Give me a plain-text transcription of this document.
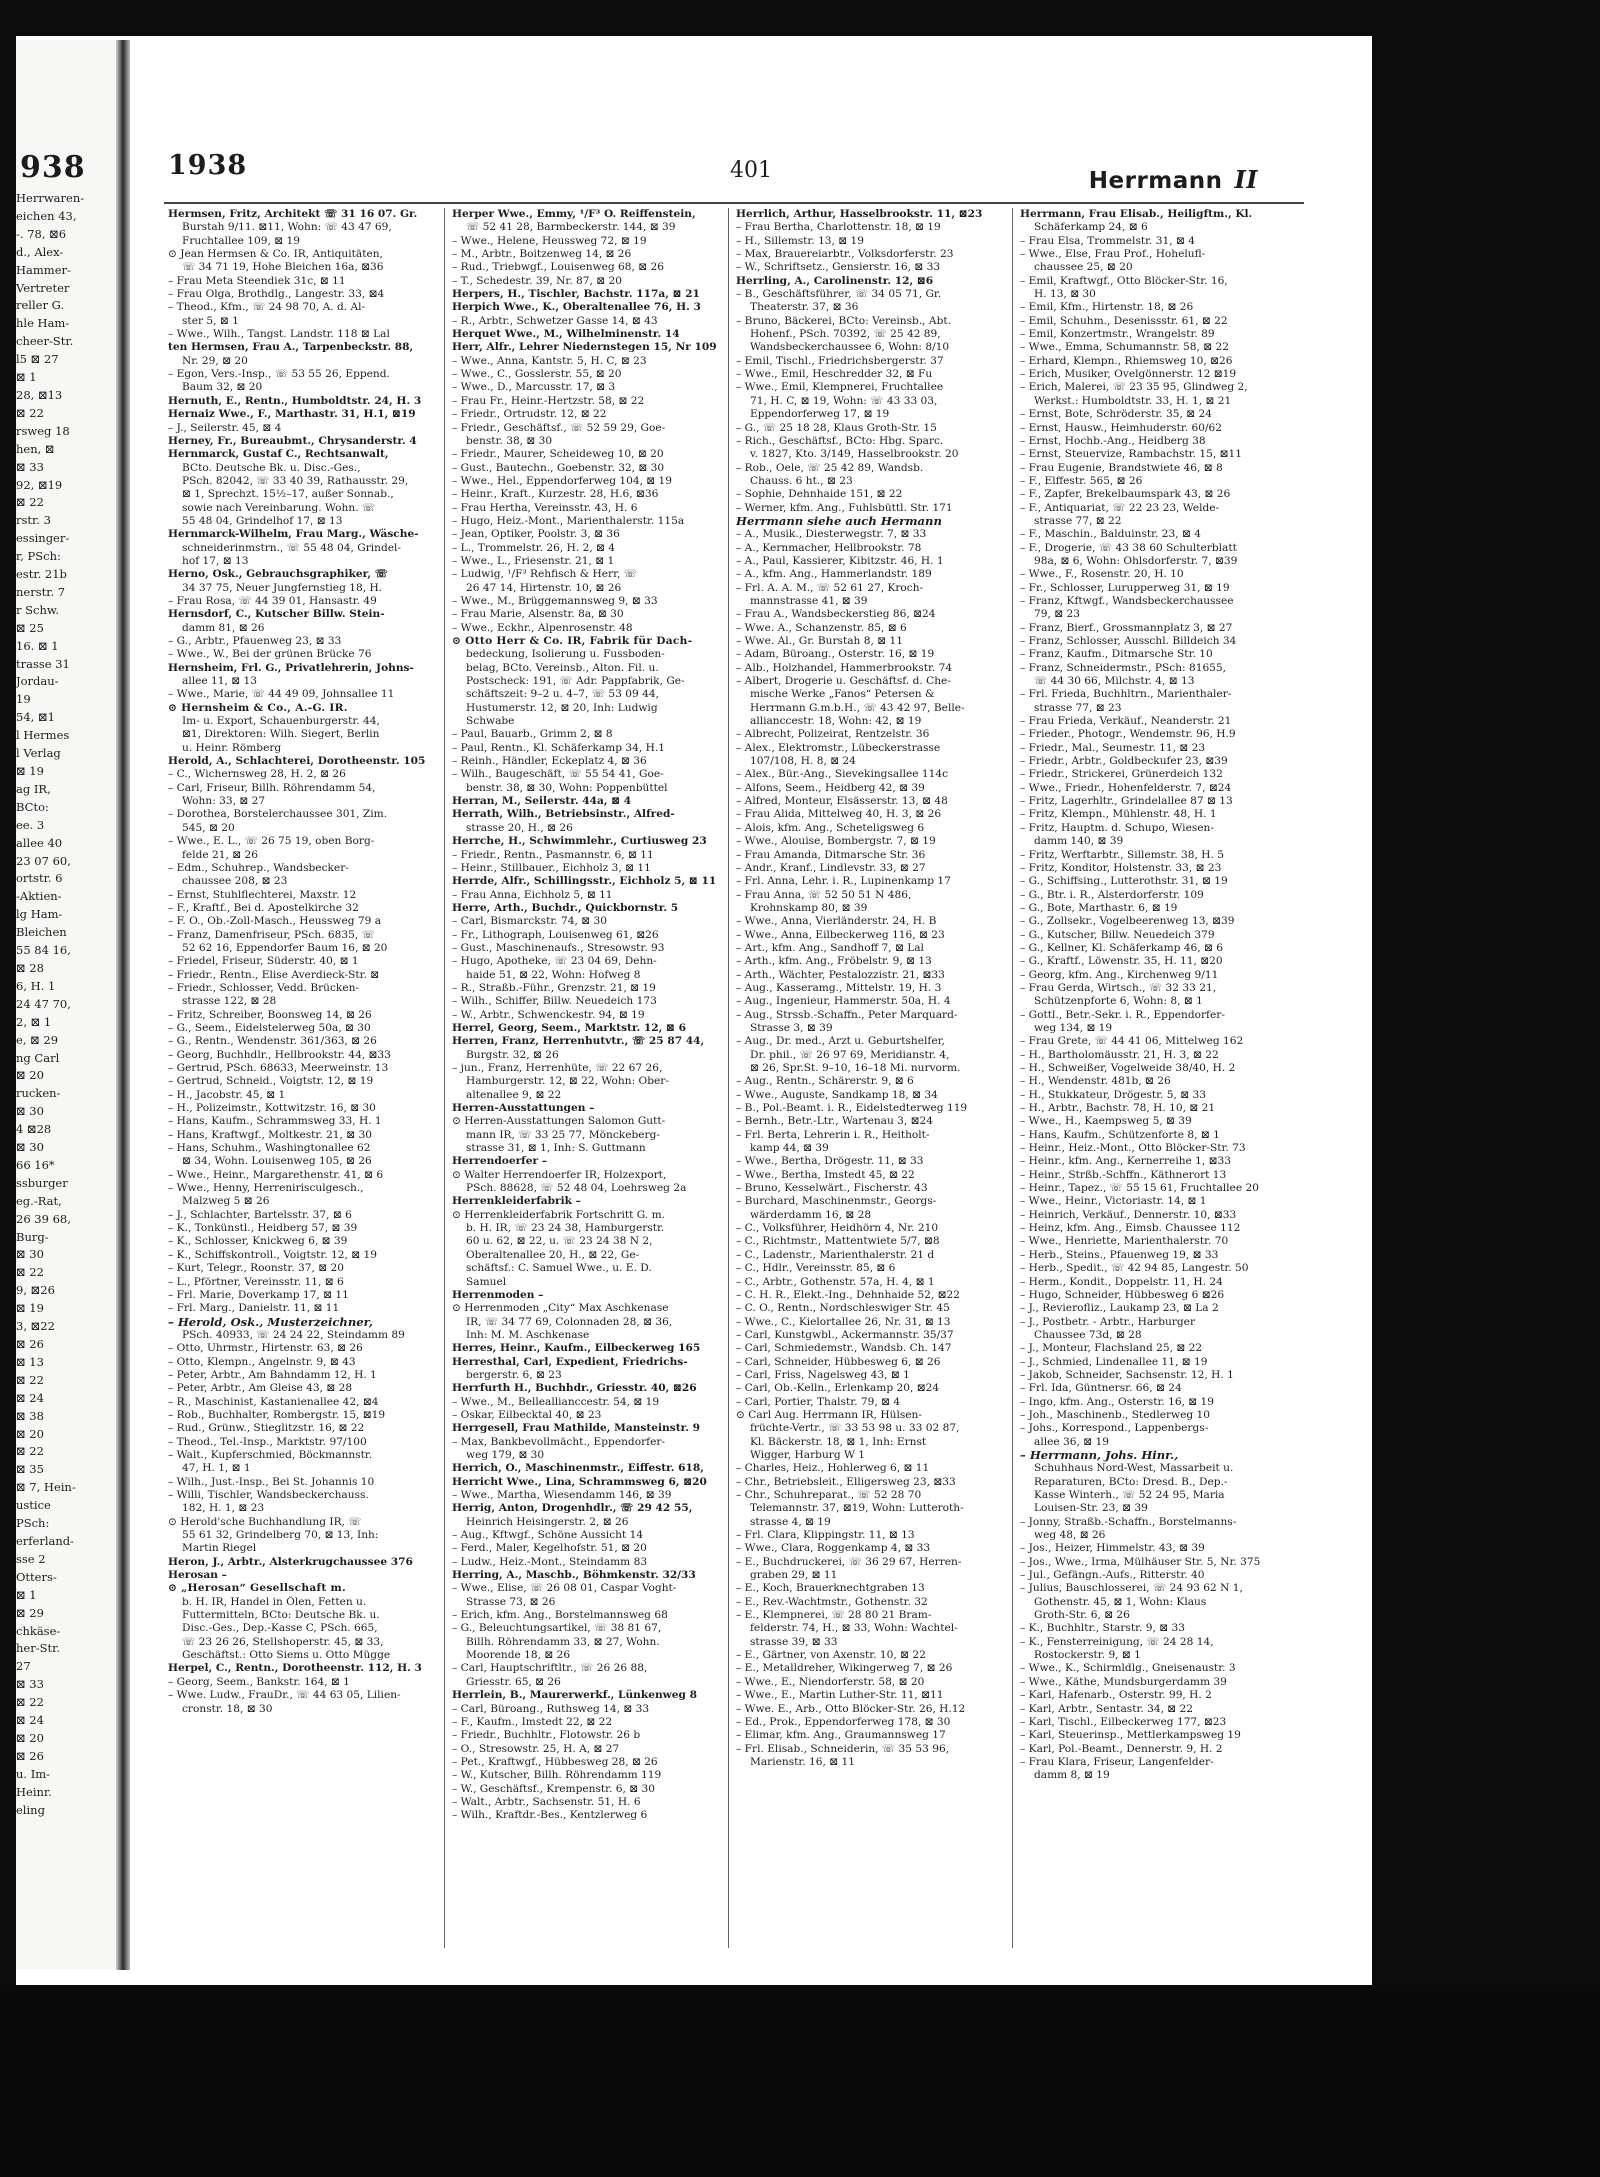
938
Herrwaren-
eichen 43,
-. 78, ⊠6
d., Alex-
Hammer-
Vertreter
reller G.
hle Ham-
cheer-Str.
l5 ⊠ 27
⊠ 1
28, ⊠13
⊠ 22
rsweg 18
hen, ⊠
⊠ 33
92, ⊠19
⊠ 22
rstr. 3
essinger-
r, PSch:
estr. 21b
nerstr. 7
r Schw.
⊠ 25
16. ⊠ 1
trasse 31
Jordau-
19
54, ⊠1
l Hermes
l Verlag
⊠ 19
ag IR,
BCto:
ee. 3
allee 40
23 07 60,
ortstr. 6
-Aktien-
lg Ham-
Bleichen
55 84 16,
⊠ 28
6, H. 1
24 47 70,
2, ⊠ 1
e, ⊠ 29
ng Carl
⊠ 20
rucken-
⊠ 30
4 ⊠28
⊠ 30
66 16*
ssburger
eg.-Rat,
26 39 68,
Burg-
⊠ 30
⊠ 22
9, ⊠26
⊠ 19
3, ⊠22
⊠ 26
⊠ 13
⊠ 22
⊠ 24
⊠ 38
⊠ 20
⊠ 22
⊠ 35
⊠ 7, Hein-
ustice
PSch:
erferland-
sse 2
Otters-
⊠ 1
⊠ 29
chkäse-
her-Str.
27
⊠ 33
⊠ 22
⊠ 24
⊠ 20
⊠ 26
u. Im-
Heinr.
eling
1938	401	Herrmann II
Hermsen, Fritz, Architekt ☏ 31 16 07. Gr.
Burstah 9/11. ⊠11, Wohn: ☏ 43 47 69,
Fruchtallee 109, ⊠ 19
⊙ Jean Hermsen & Co. IR, Antiquitäten,
☏ 34 71 19, Hohe Bleichen 16a, ⊠36
– Frau Meta Steendiek 31c, ⊠ 11
– Frau Olga, Brothdlg., Langestr. 33, ⊠4
– Theod., Kfm., ☏ 24 98 70, A. d. Al-
ster 5, ⊠ 1
– Wwe., Wilh., Tangst. Landstr. 118 ⊠ Lal
ten Hermsen, Frau A., Tarpenbeckstr. 88,
Nr. 29, ⊠ 20
– Egon, Vers.-Insp., ☏ 53 55 26, Eppend.
Baum 32, ⊠ 20
Hernuth, E., Rentn., Humboldtstr. 24, H. 3
Hernaiz Wwe., F., Marthastr. 31, H.1, ⊠19
– J., Seilerstr. 45, ⊠ 4
Herney, Fr., Bureaubmt., Chrysanderstr. 4
Hernmarck, Gustaf C., Rechtsanwalt,
BCto. Deutsche Bk. u. Disc.-Ges.,
PSch. 82042, ☏ 33 40 39, Rathausstr. 29,
⊠ 1, Sprechzt. 15½–17, außer Sonnab.,
sowie nach Vereinbarung. Wohn. ☏
55 48 04, Grindelhof 17, ⊠ 13
Hernmarck-Wilhelm, Frau Marg., Wäsche-
schneiderinmstrn., ☏ 55 48 04, Grindel-
hof 17, ⊠ 13
Herno, Osk., Gebrauchsgraphiker, ☏
34 37 75, Neuer Jungfernstieg 18, H.
– Frau Rosa, ☏ 44 39 01, Hansastr. 49
Hernsdorf, C., Kutscher Billw. Stein-
damm 81, ⊠ 26
– G., Arbtr., Pfauenweg 23, ⊠ 33
– Wwe., W., Bei der grünen Brücke 76
Hernsheim, Frl. G., Privatlehrerin, Johns-
allee 11, ⊠ 13
– Wwe., Marie, ☏ 44 49 09, Johnsallee 11
⊙ Hernsheim & Co., A.-G. IR.
Im- u. Export, Schauenburgerstr. 44,
⊠1, Direktoren: Wilh. Siegert, Berlin
u. Heinr. Römberg
Herold, A., Schlachterei, Dorotheenstr. 105
– C., Wichernsweg 28, H. 2, ⊠ 26
– Carl, Friseur, Billh. Röhrendamm 54,
Wohn: 33, ⊠ 27
– Dorothea, Borstelerchaussee 301, Zim.
545, ⊠ 20
– Wwe., E. L., ☏ 26 75 19, oben Borg-
felde 21, ⊠ 26
– Edm., Schuhrep., Wandsbecker-
chaussee 208, ⊠ 23
– Ernst, Stuhlflechterei, Maxstr. 12
– F., Kraftf., Bei d. Apostelkirche 32
– F. O., Ob.-Zoll-Masch., Heussweg 79 a
– Franz, Damenfriseur, PSch. 6835, ☏
52 62 16, Eppendorfer Baum 16, ⊠ 20
– Friedel, Friseur, Süderstr. 40, ⊠ 1
– Friedr., Rentn., Elise Averdieck-Str. ⊠
– Friedr., Schlosser, Vedd. Brücken-
strasse 122, ⊠ 28
– Fritz, Schreiber, Boonsweg 14, ⊠ 26
– G., Seem., Eidelstelerweg 50a, ⊠ 30
– G., Rentn., Wendenstr. 361/363, ⊠ 26
– Georg, Buchhdlr., Hellbrookstr. 44, ⊠33
– Gertrud, PSch. 68633, Meerweinstr. 13
– Gertrud, Schneid., Voigtstr. 12, ⊠ 19
– H., Jacobstr. 45, ⊠ 1
– H., Polizeimstr., Kottwitzstr. 16, ⊠ 30
– Hans, Kaufm., Schrammsweg 33, H. 1
– Hans, Kraftwgf., Moltkestr. 21, ⊠ 30
– Hans, Schuhm., Washingtonallee 62
⊠ 34, Wohn. Louisenweg 105, ⊠ 26
– Wwe., Heinr., Margarethenstr. 41, ⊠ 6
– Wwe., Henny, Herrenirisculgesch.,
Malzweg 5 ⊠ 26
– J., Schlachter, Bartelsstr. 37, ⊠ 6
– K., Tonkünstl., Heidberg 57, ⊠ 39
– K., Schlosser, Knickweg 6, ⊠ 39
– K., Schiffskontroll., Voigtstr. 12, ⊠ 19
– Kurt, Telegr., Roonstr. 37, ⊠ 20
– L., Pförtner, Vereinsstr. 11, ⊠ 6
– Frl. Marie, Doverkamp 17, ⊠ 11
– Frl. Marg., Danielstr. 11, ⊠ 11
– Herold, Osk., Musterzeichner,
PSch. 40933, ☏ 24 24 22, Steindamm 89
– Otto, Uhrmstr., Hirtenstr. 63, ⊠ 26
– Otto, Klempn., Angelnstr. 9, ⊠ 43
– Peter, Arbtr., Am Bahndamm 12, H. 1
– Peter, Arbtr., Am Gleise 43, ⊠ 28
– R., Maschinist, Kastanienallee 42, ⊠4
– Rob., Buchhalter, Rombergstr. 15, ⊠19
– Rud., Grünw., Stieglitzstr. 16, ⊠ 22
– Theod., Tel.-Insp., Marktstr. 97/100
– Walt., Kupferschmied, Böckmannstr.
47, H. 1, ⊠ 1
– Wilh., Just.-Insp., Bei St. Johannis 10
– Willi, Tischler, Wandsbeckerchauss.
182, H. 1, ⊠ 23
⊙ Herold'sche Buchhandlung IR, ☏
55 61 32, Grindelberg 70, ⊠ 13, Inh:
Martin Riegel
Heron, J., Arbtr., Alsterkrugchaussee 376
Herosan –
⊙ „Herosan“ Gesellschaft m.
b. H. IR, Handel in Ölen, Fetten u.
Futtermitteln, BCto: Deutsche Bk. u.
Disc.-Ges., Dep.-Kasse C, PSch. 665,
☏ 23 26 26, Stellshoperstr. 45, ⊠ 33,
Geschäftst.: Otto Siems u. Otto Mügge
Herpel, C., Rentn., Dorotheenstr. 112, H. 3
– Georg, Seem., Bankstr. 164, ⊠ 1
– Wwe. Ludw., FrauDr., ☏ 44 63 05, Lilien-
cronstr. 18, ⊠ 30
Herper Wwe., Emmy, ¹/F³ O. Reiffenstein,
☏ 52 41 28, Barmbeckerstr. 144, ⊠ 39
– Wwe., Helene, Heussweg 72, ⊠ 19
– M., Arbtr., Boitzenweg 14, ⊠ 26
– Rud., Triebwgf., Louisenweg 68, ⊠ 26
– T., Schedestr. 39, Nr. 87, ⊠ 20
Herpers, H., Tischler, Bachstr. 117a, ⊠ 21
Herpich Wwe., K., Oberaltenallee 76, H. 3
– R., Arbtr., Schwetzer Gasse 14, ⊠ 43
Herquet Wwe., M., Wilhelminenstr. 14
Herr, Alfr., Lehrer Niedernstegen 15, Nr 109
– Wwe., Anna, Kantstr. 5, H. C, ⊠ 23
– Wwe., C., Gosslerstr. 55, ⊠ 20
– Wwe., D., Marcusstr. 17, ⊠ 3
– Frau Fr., Heinr.-Hertzstr. 58, ⊠ 22
– Friedr., Ortrudstr. 12, ⊠ 22
– Friedr., Geschäftsf., ☏ 52 59 29, Goe-
benstr. 38, ⊠ 30
– Friedr., Maurer, Scheideweg 10, ⊠ 20
– Gust., Bautechn., Goebenstr. 32, ⊠ 30
– Wwe., Hel., Eppendorferweg 104, ⊠ 19
– Heinr., Kraft., Kurzestr. 28, H.6, ⊠36
– Frau Hertha, Vereinsstr. 43, H. 6
– Hugo, Heiz.-Mont., Marienthalerstr. 115a
– Jean, Optiker, Poolstr. 3, ⊠ 36
– L., Trommelstr. 26, H. 2, ⊠ 4
– Wwe., L., Friesenstr. 21, ⊠ 1
– Ludwig, ¹/F³ Rehfisch & Herr, ☏
26 47 14, Hirtenstr. 10, ⊠ 26
– Wwe., M., Brüggemannsweg 9, ⊠ 33
– Frau Marie, Alsenstr. 8a, ⊠ 30
– Wwe., Eckhr., Alpenrosenstr. 48
⊙ Otto Herr & Co. IR, Fabrik für Dach-
bedeckung, Isolierung u. Fussboden-
belag, BCto. Vereinsb., Alton. Fil. u.
Postscheck: 191, ☏ Adr. Pappfabrik, Ge-
schäftszeit: 9–2 u. 4–7, ☏ 53 09 44,
Hustumerstr. 12, ⊠ 20, Inh: Ludwig
Schwabe
– Paul, Bauarb., Grimm 2, ⊠ 8
– Paul, Rentn., Kl. Schäferkamp 34, H.1
– Reinh., Händler, Eckeplatz 4, ⊠ 36
– Wilh., Baugeschäft, ☏ 55 54 41, Goe-
benstr. 38, ⊠ 30, Wohn: Poppenbüttel
Herran, M., Seilerstr. 44a, ⊠ 4
Herrath, Wilh., Betriebsinstr., Alfred-
strasse 20, H., ⊠ 26
Herrche, H., Schwimmlehr., Curtiusweg 23
– Friedr., Rentn., Pasmannstr. 6, ⊠ 11
– Heinr., Stillbauer., Eichholz 3, ⊠ 11
Herrde, Alfr., Schillingsstr., Eichholz 5, ⊠ 11
– Frau Anna, Eichholz 5, ⊠ 11
Herre, Arth., Buchdr., Quickbornstr. 5
– Carl, Bismarckstr. 74, ⊠ 30
– Fr., Lithograph, Louisenweg 61, ⊠26
– Gust., Maschinenaufs., Stresowstr. 93
– Hugo, Apotheke, ☏ 23 04 69, Dehn-
haide 51, ⊠ 22, Wohn: Hofweg 8
– R., Straßb.-Führ., Grenzstr. 21, ⊠ 19
– Wilh., Schiffer, Billw. Neuedeich 173
– W., Arbtr., Schwenckestr. 94, ⊠ 19
Herrel, Georg, Seem., Marktstr. 12, ⊠ 6
Herren, Franz, Herrenhutvtr., ☏ 25 87 44,
Burgstr. 32, ⊠ 26
– jun., Franz, Herrenhüte, ☏ 22 67 26,
Hamburgerstr. 12, ⊠ 22, Wohn: Ober-
altenallee 9, ⊠ 22
Herren-Ausstattungen –
⊙ Herren-Ausstattungen Salomon Gutt-
mann IR, ☏ 33 25 77, Mönckeberg-
strasse 31, ⊠ 1, Inh: S. Guttmann
Herrendoerfer –
⊙ Walter Herrendoerfer IR, Holzexport,
PSch. 88628, ☏ 52 48 04, Loehrsweg 2a
Herrenkleiderfabrik –
⊙ Herrenkleiderfabrik Fortschritt G. m.
b. H. IR, ☏ 23 24 38, Hamburgerstr.
60 u. 62, ⊠ 22, u. ☏ 23 24 38 N 2,
Oberaltenallee 20, H., ⊠ 22, Ge-
schäftsf.: C. Samuel Wwe., u. E. D.
Samuel
Herrenmoden –
⊙ Herrenmoden „City“ Max Aschkenase
IR, ☏ 34 77 69, Colonnaden 28, ⊠ 36,
Inh: M. M. Aschkenase
Herres, Heinr., Kaufm., Eilbeckerweg 165
Herresthal, Carl, Expedient, Friedrichs-
bergerstr. 6, ⊠ 23
Herrfurth H., Buchhdr., Griesstr. 40, ⊠26
– Wwe., M., Belleallianccestr. 54, ⊠ 19
– Oskar, Eilbecktal 40, ⊠ 23
Herrgesell, Frau Mathilde, Mansteinstr. 9
– Max, Bankbevollmächt., Eppendorfer-
weg 179, ⊠ 30
Herrich, O., Maschinenmstr., Eiffestr. 618,
Herricht Wwe., Lina, Schrammsweg 6, ⊠20
– Wwe., Martha, Wiesendamm 146, ⊠ 39
Herrig, Anton, Drogenhdlr., ☏ 29 42 55,
Heinrich Heisingerstr. 2, ⊠ 26
– Aug., Kftwgf., Schöne Aussicht 14
– Ferd., Maler, Kegelhofstr. 51, ⊠ 20
– Ludw., Heiz.-Mont., Steindamm 83
Herring, A., Maschb., Böhmkenstr. 32/33
– Wwe., Elise, ☏ 26 08 01, Caspar Voght-
Strasse 73, ⊠ 26
– Erich, kfm. Ang., Borstelmannsweg 68
– G., Beleuchtungsartikel, ☏ 38 81 67,
Billh. Röhrendamm 33, ⊠ 27, Wohn.
Moorende 18, ⊠ 26
– Carl, Hauptschriftltr., ☏ 26 26 88,
Griesstr. 65, ⊠ 26
Herrlein, B., Maurerwerkf., Lünkenweg 8
– Carl, Büroang., Ruthsweg 14, ⊠ 33
– F., Kaufm., Imstedt 22, ⊠ 22
– Friedr., Buchhltr., Flotowstr. 26 b
– O., Stresowstr. 25, H. A, ⊠ 27
– Pet., Kraftwgf., Hübbesweg 28, ⊠ 26
– W., Kutscher, Billh. Röhrendamm 119
– W., Geschäftsf., Krempenstr. 6, ⊠ 30
– Walt., Arbtr., Sachsenstr. 51, H. 6
– Wilh., Kraftdr.-Bes., Kentzlerweg 6
Herrlich, Arthur, Hasselbrookstr. 11, ⊠23
– Frau Bertha, Charlottenstr. 18, ⊠ 19
– H., Sillemstr. 13, ⊠ 19
– Max, Brauereiarbtr., Volksdorferstr. 23
– W., Schriftsetz., Gensierstr. 16, ⊠ 33
Herrling, A., Carolinenstr. 12, ⊠6
– B., Geschäftsführer, ☏ 34 05 71, Gr.
Theaterstr. 37, ⊠ 36
– Bruno, Bäckerei, BCto: Vereinsb., Abt.
Hohenf., PSch. 70392, ☏ 25 42 89,
Wandsbeckerchaussee 6, Wohn: 8/10
– Emil, Tischl., Friedrichsbergerstr. 37
– Wwe., Emil, Heschredder 32, ⊠ Fu
– Wwe., Emil, Klempnerei, Fruchtallee
71, H. C, ⊠ 19, Wohn: ☏ 43 33 03,
Eppendorferweg 17, ⊠ 19
– G., ☏ 25 18 28, Klaus Groth-Str. 15
– Rich., Geschäftsf., BCto: Hbg. Sparc.
v. 1827, Kto. 3/149, Hasselbrookstr. 20
– Rob., Oele, ☏ 25 42 89, Wandsb.
Chauss. 6 ht., ⊠ 23
– Sophie, Dehnhaide 151, ⊠ 22
– Werner, kfm. Ang., Fuhlsbüttl. Str. 171
Herrmann siehe auch Hermann
– A., Musik., Diesterwegstr. 7, ⊠ 33
– A., Kernmacher, Hellbrookstr. 78
– A., Paul, Kassierer, Kibitzstr. 46, H. 1
– A., kfm. Ang., Hammerlandstr. 189
– Frl. A. A. M., ☏ 52 61 27, Kroch-
mannstrasse 41, ⊠ 39
– Frau A., Wandsbeckerstieg 86, ⊠24
– Wwe. A., Schanzenstr. 85, ⊠ 6
– Wwe. Al., Gr. Burstah 8, ⊠ 11
– Adam, Büroang., Osterstr. 16, ⊠ 19
– Alb., Holzhandel, Hammerbrookstr. 74
– Albert, Drogerie u. Geschäftsf. d. Che-
mische Werke „Fanos“ Petersen &
Herrmann G.m.b.H., ☏ 43 42 97, Belle-
allianccestr. 18, Wohn: 42, ⊠ 19
– Albrecht, Polizeirat, Rentzelstr. 36
– Alex., Elektromstr., Lübeckerstrasse
107/108, H. 8, ⊠ 24
– Alex., Bür.-Ang., Sievekingsallee 114c
– Alfons, Seem., Heidberg 42, ⊠ 39
– Alfred, Monteur, Elsässerstr. 13, ⊠ 48
– Frau Alida, Mittelweg 40, H. 3, ⊠ 26
– Alois, kfm. Ang., Scheteligsweg 6
– Wwe., Alouise, Bombergstr. 7, ⊠ 19
– Frau Amanda, Ditmarsche Str. 36
– Andr., Kranf., Lindlevstr. 33, ⊠ 27
– Frl. Anna, Lehr. i. R., Lupinenkamp 17
– Frau Anna, ☏ 52 50 51 N 486,
Krohnskamp 80, ⊠ 39
– Wwe., Anna, Vierländerstr. 24, H. B
– Wwe., Anna, Eilbeckerweg 116, ⊠ 23
– Art., kfm. Ang., Sandhoff 7, ⊠ Lal
– Arth., kfm. Ang., Fröbelstr. 9, ⊠ 13
– Arth., Wächter, Pestalozzistr. 21, ⊠33
– Aug., Kasseramg., Mittelstr. 19, H. 3
– Aug., Ingenieur, Hammerstr. 50a, H. 4
– Aug., Strssb.-Schaffn., Peter Marquard-
Strasse 3, ⊠ 39
– Aug., Dr. med., Arzt u. Geburtshelfer,
Dr. phil., ☏ 26 97 69, Meridianstr. 4,
⊠ 26, Spr.St. 9–10, 16–18 Mi. nurvorm.
– Aug., Rentn., Schärerstr. 9, ⊠ 6
– Wwe., Auguste, Sandkamp 18, ⊠ 34
– B., Pol.-Beamt. i. R., Eidelstedterweg 119
– Bernh., Betr.-Ltr., Wartenau 3, ⊠24
– Frl. Berta, Lehrerin i. R., Heitholt-
kamp 44, ⊠ 39
– Wwe., Bertha, Drögestr. 11, ⊠ 33
– Wwe., Bertha, Imstedt 45, ⊠ 22
– Bruno, Kesselwärt., Fischerstr. 43
– Burchard, Maschinenmstr., Georgs-
wärderdamm 16, ⊠ 28
– C., Volksführer, Heidhörn 4, Nr. 210
– C., Richtmstr., Mattentwiete 5/7, ⊠8
– C., Ladenstr., Marienthalerstr. 21 d
– C., Hdlr., Vereinsstr. 85, ⊠ 6
– C., Arbtr., Gothenstr. 57a, H. 4, ⊠ 1
– C. H. R., Elekt.-Ing., Dehnhaide 52, ⊠22
– C. O., Rentn., Nordschleswiger Str. 45
– Wwe., C., Kielortallee 26, Nr. 31, ⊠ 13
– Carl, Kunstgwbl., Ackermannstr. 35/37
– Carl, Schmiedemstr., Wandsb. Ch. 147
– Carl, Schneider, Hübbesweg 6, ⊠ 26
– Carl, Friss, Nagelsweg 43, ⊠ 1
– Carl, Ob.-Kelln., Erlenkamp 20, ⊠24
– Carl, Portier, Thalstr. 79, ⊠ 4
⊙ Carl Aug. Herrmann IR, Hülsen-
früchte-Vertr., ☏ 33 53 98 u. 33 02 87,
Kl. Bäckerstr. 18, ⊠ 1, Inh: Ernst
Wigger, Harburg W 1
– Charles, Heiz., Hohlerweg 6, ⊠ 11
– Chr., Betriebsleit., Elligersweg 23, ⊠33
– Chr., Schuhreparat., ☏ 52 28 70
Telemannstr. 37, ⊠19, Wohn: Lutteroth-
strasse 4, ⊠ 19
– Frl. Clara, Klippingstr. 11, ⊠ 13
– Wwe., Clara, Roggenkamp 4, ⊠ 33
– E., Buchdruckerei, ☏ 36 29 67, Herren-
graben 29, ⊠ 11
– E., Koch, Brauerknechtgraben 13
– E., Rev.-Wachtmstr., Gothenstr. 32
– E., Klempnerei, ☏ 28 80 21 Bram-
felderstr. 74, H., ⊠ 33, Wohn: Wachtel-
strasse 39, ⊠ 33
– E., Gärtner, von Axenstr. 10, ⊠ 22
– E., Metalldreher, Wikingerweg 7, ⊠ 26
– Wwe., E., Niendorferstr. 58, ⊠ 20
– Wwe., E., Martin Luther-Str. 11, ⊠11
– Wwe. E., Arb., Otto Blöcker-Str. 26, H.12
– Ed., Prok., Eppendorferweg 178, ⊠ 30
– Elimar, kfm. Ang., Graumannsweg 17
– Frl. Elisab., Schneiderin, ☏ 35 53 96,
Marienstr. 16, ⊠ 11
Herrmann, Frau Elisab., Heiligftm., Kl.
Schäferkamp 24, ⊠ 6
– Frau Elsa, Trommelstr. 31, ⊠ 4
– Wwe., Else, Frau Prof., Hohelufl-
chaussee 25, ⊠ 20
– Emil, Kraftwgf., Otto Blöcker-Str. 16,
H. 13, ⊠ 30
– Emil, Kfm., Hirtenstr. 18, ⊠ 26
– Emil, Schuhm., Desenissstr. 61, ⊠ 22
– Emil, Konzertmstr., Wrangelstr. 89
– Wwe., Emma, Schumannstr. 58, ⊠ 22
– Erhard, Klempn., Rhiemsweg 10, ⊠26
– Erich, Musiker, Ovelgönnerstr. 12 ⊠19
– Erich, Malerei, ☏ 23 35 95, Glindweg 2,
Werkst.: Humboldtstr. 33, H. 1, ⊠ 21
– Ernst, Bote, Schröderstr. 35, ⊠ 24
– Ernst, Hausw., Heimhuderstr. 60/62
– Ernst, Hochb.-Ang., Heidberg 38
– Ernst, Steuervize, Rambachstr. 15, ⊠11
– Frau Eugenie, Brandstwiete 46, ⊠ 8
– F., Elffestr. 565, ⊠ 26
– F., Zapfer, Brekelbaumspark 43, ⊠ 26
– F., Antiquariat, ☏ 22 23 23, Welde-
strasse 77, ⊠ 22
– F., Maschin., Balduinstr. 23, ⊠ 4
– F., Drogerie, ☏ 43 38 60 Schulterblatt
98a, ⊠ 6, Wohn: Ohlsdorferstr. 7, ⊠39
– Wwe., F., Rosenstr. 20, H. 10
– Fr., Schlosser, Lurupperweg 31, ⊠ 19
– Franz, Kftwgf., Wandsbeckerchaussee
79, ⊠ 23
– Franz, Bierf., Grossmannplatz 3, ⊠ 27
– Franz, Schlosser, Ausschl. Billdeich 34
– Franz, Kaufm., Ditmarsche Str. 10
– Franz, Schneidermstr., PSch: 81655,
☏ 44 30 66, Milchstr. 4, ⊠ 13
– Frl. Frieda, Buchhltrn., Marienthaler-
strasse 77, ⊠ 23
– Frau Frieda, Verkäuf., Neanderstr. 21
– Frieder., Photogr., Wendemstr. 96, H.9
– Friedr., Mal., Seumestr. 11, ⊠ 23
– Friedr., Arbtr., Goldbeckufer 23, ⊠39
– Friedr., Strickerei, Grünerdeich 132
– Wwe., Friedr., Hohenfelderstr. 7, ⊠24
– Fritz, Lagerhltr., Grindelallee 87 ⊠ 13
– Fritz, Klempn., Mühlenstr. 48, H. 1
– Fritz, Hauptm. d. Schupo, Wiesen-
damm 140, ⊠ 39
– Fritz, Werftarbtr., Sillemstr. 38, H. 5
– Fritz, Konditor, Holstenstr. 33, ⊠ 23
– G., Schiffsing., Lutterothstr. 31, ⊠ 19
– G., Btr. i. R., Alsterdorferstr. 109
– G., Bote, Marthastr. 6, ⊠ 19
– G., Zollsekr., Vogelbeerenweg 13, ⊠39
– G., Kutscher, Billw. Neuedeich 379
– G., Kellner, Kl. Schäferkamp 46, ⊠ 6
– G., Kraftf., Löwenstr. 35, H. 11, ⊠20
– Georg, kfm. Ang., Kirchenweg 9/11
– Frau Gerda, Wirtsch., ☏ 32 33 21,
Schützenpforte 6, Wohn: 8, ⊠ 1
– Gottl., Betr.-Sekr. i. R., Eppendorfer-
weg 134, ⊠ 19
– Frau Grete, ☏ 44 41 06, Mittelweg 162
– H., Bartholomäusstr. 21, H. 3, ⊠ 22
– H., Schweißer, Vogelweide 38/40, H. 2
– H., Wendenstr. 481b, ⊠ 26
– H., Stukkateur, Drögestr. 5, ⊠ 33
– H., Arbtr., Bachstr. 78, H. 10, ⊠ 21
– Wwe., H., Kaempsweg 5, ⊠ 39
– Hans, Kaufm., Schützenforte 8, ⊠ 1
– Heinr., Heiz.-Mont., Otto Blöcker-Str. 73
– Heinr., kfm. Ang., Kernerreihe 1, ⊠33
– Heinr., Strßb.-Schffn., Käthnerort 13
– Heinr., Tapez., ☏ 55 15 61, Fruchtallee 20
– Wwe., Heinr., Victoriastr. 14, ⊠ 1
– Heinrich, Verkäuf., Dennerstr. 10, ⊠33
– Heinz, kfm. Ang., Eimsb. Chaussee 112
– Wwe., Henriette, Marienthalerstr. 70
– Herb., Steins., Pfauenweg 19, ⊠ 33
– Herb., Spedit., ☏ 42 94 85, Langestr. 50
– Herm., Kondit., Doppelstr. 11, H. 24
– Hugo, Schneider, Hübbesweg 6 ⊠26
– J., Revierofliz., Laukamp 23, ⊠ La 2
– J., Postbetr. - Arbtr., Harburger
Chaussee 73d, ⊠ 28
– J., Monteur, Flachsland 25, ⊠ 22
– J., Schmied, Lindenallee 11, ⊠ 19
– Jakob, Schneider, Sachsenstr. 12, H. 1
– Frl. Ida, Güntnersr. 66, ⊠ 24
– Ingo, kfm. Ang., Osterstr. 16, ⊠ 19
– Joh., Maschinenb., Stedlerweg 10
– Johs., Korrespond., Lappenbergs-
allee 36, ⊠ 19
– Herrmann, Johs. Hinr.,
Schuhhaus Nord-West, Massarbeit u.
Reparaturen, BCto: Dresd. B., Dep.-
Kasse Winterh., ☏ 52 24 95, Maria
Louisen-Str. 23, ⊠ 39
– Jonny, Straßb.-Schaffn., Borstelmanns-
weg 48, ⊠ 26
– Jos., Heizer, Himmelstr. 43, ⊠ 39
– Jos., Wwe., Irma, Mülhäuser Str. 5, Nr. 375
– Jul., Gefängn.-Aufs., Ritterstr. 40
– Julius, Bauschlosserei, ☏ 24 93 62 N 1,
Gothenstr. 45, ⊠ 1, Wohn: Klaus
Groth-Str. 6, ⊠ 26
– K., Buchhltr., Starstr. 9, ⊠ 33
– K., Fensterreinigung, ☏ 24 28 14,
Rostockerstr. 9, ⊠ 1
– Wwe., K., Schirmldlg., Gneisenaustr. 3
– Wwe., Käthe, Mundsburgerdamm 39
– Karl, Hafenarb., Osterstr. 99, H. 2
– Karl, Arbtr., Sentastr. 34, ⊠ 22
– Karl, Tischl., Eilbeckerweg 177, ⊠23
– Karl, Steuerinsp., Mettlerkampsweg 19
– Karl, Pol.-Beamt., Dennerstr. 9, H. 2
– Frau Klara, Friseur, Langenfelder-
damm 8, ⊠ 19
